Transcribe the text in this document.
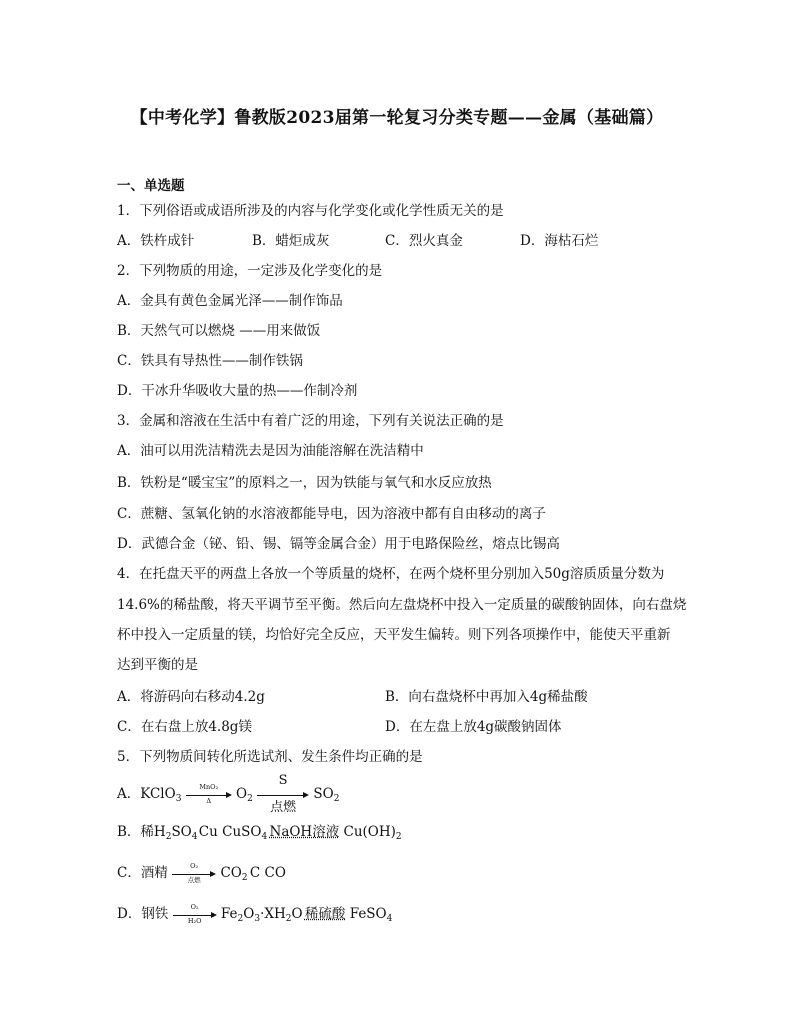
【中考化学】鲁教版2023届第一轮复习分类专题——金属（基础篇）
一、单选题
1．下列俗语或成语所涉及的内容与化学变化或化学性质无关的是
A．铁杵成针	B．蜡炬成灰	C．烈火真金	D．海枯石烂
2．下列物质的用途，一定涉及化学变化的是
A．金具有黄色金属光泽——制作饰品
B．天然气可以燃烧 ——用来做饭
C．铁具有导热性——制作铁锅
D．干冰升华吸收大量的热——作制冷剂
3．金属和溶液在生活中有着广泛的用途，下列有关说法正确的是
A．油可以用洗洁精洗去是因为油能溶解在洗洁精中
B．铁粉是“暖宝宝”的原料之一，因为铁能与氧气和水反应放热
C．蔗糖、氢氧化钠的水溶液都能导电，因为溶液中都有自由移动的离子
D．武德合金（铋、铅、锡、镉等金属合金）用于电路保险丝，熔点比锡高
4．在托盘天平的两盘上各放一个等质量的烧杯，在两个烧杯里分别加入50g溶质质量分数为
14.6%的稀盐酸，将天平调节至平衡。然后向左盘烧杯中投入一定质量的碳酸钠固体，向右盘烧
杯中投入一定质量的镁，均恰好完全反应，天平发生偏转。则下列各项操作中，能使天平重新
达到平衡的是
A．将游码向右移动4.2g	B．向右盘烧杯中再加入4g稀盐酸
C．在右盘上放4.8g镁	D．在左盘上放4g碳酸钠固体
5．下列物质间转化所选试剂、发生条件均正确的是
A．KClO$_3$
MnO₂
Δ	$O_2$
S
点燃
$SO_2$
B．稀$H_2SO_4$ Cu CuSO$_4$ NaOH溶液 $Cu(OH)_2$
C．酒精	O₂
点燃	$CO_2$ C CO
D．钢铁 $\frac{\text{O₂}}{\text{H₂O}} Fe_2O_3\cdot XH_2O$ 稀硫酸 FeSO$_4$
